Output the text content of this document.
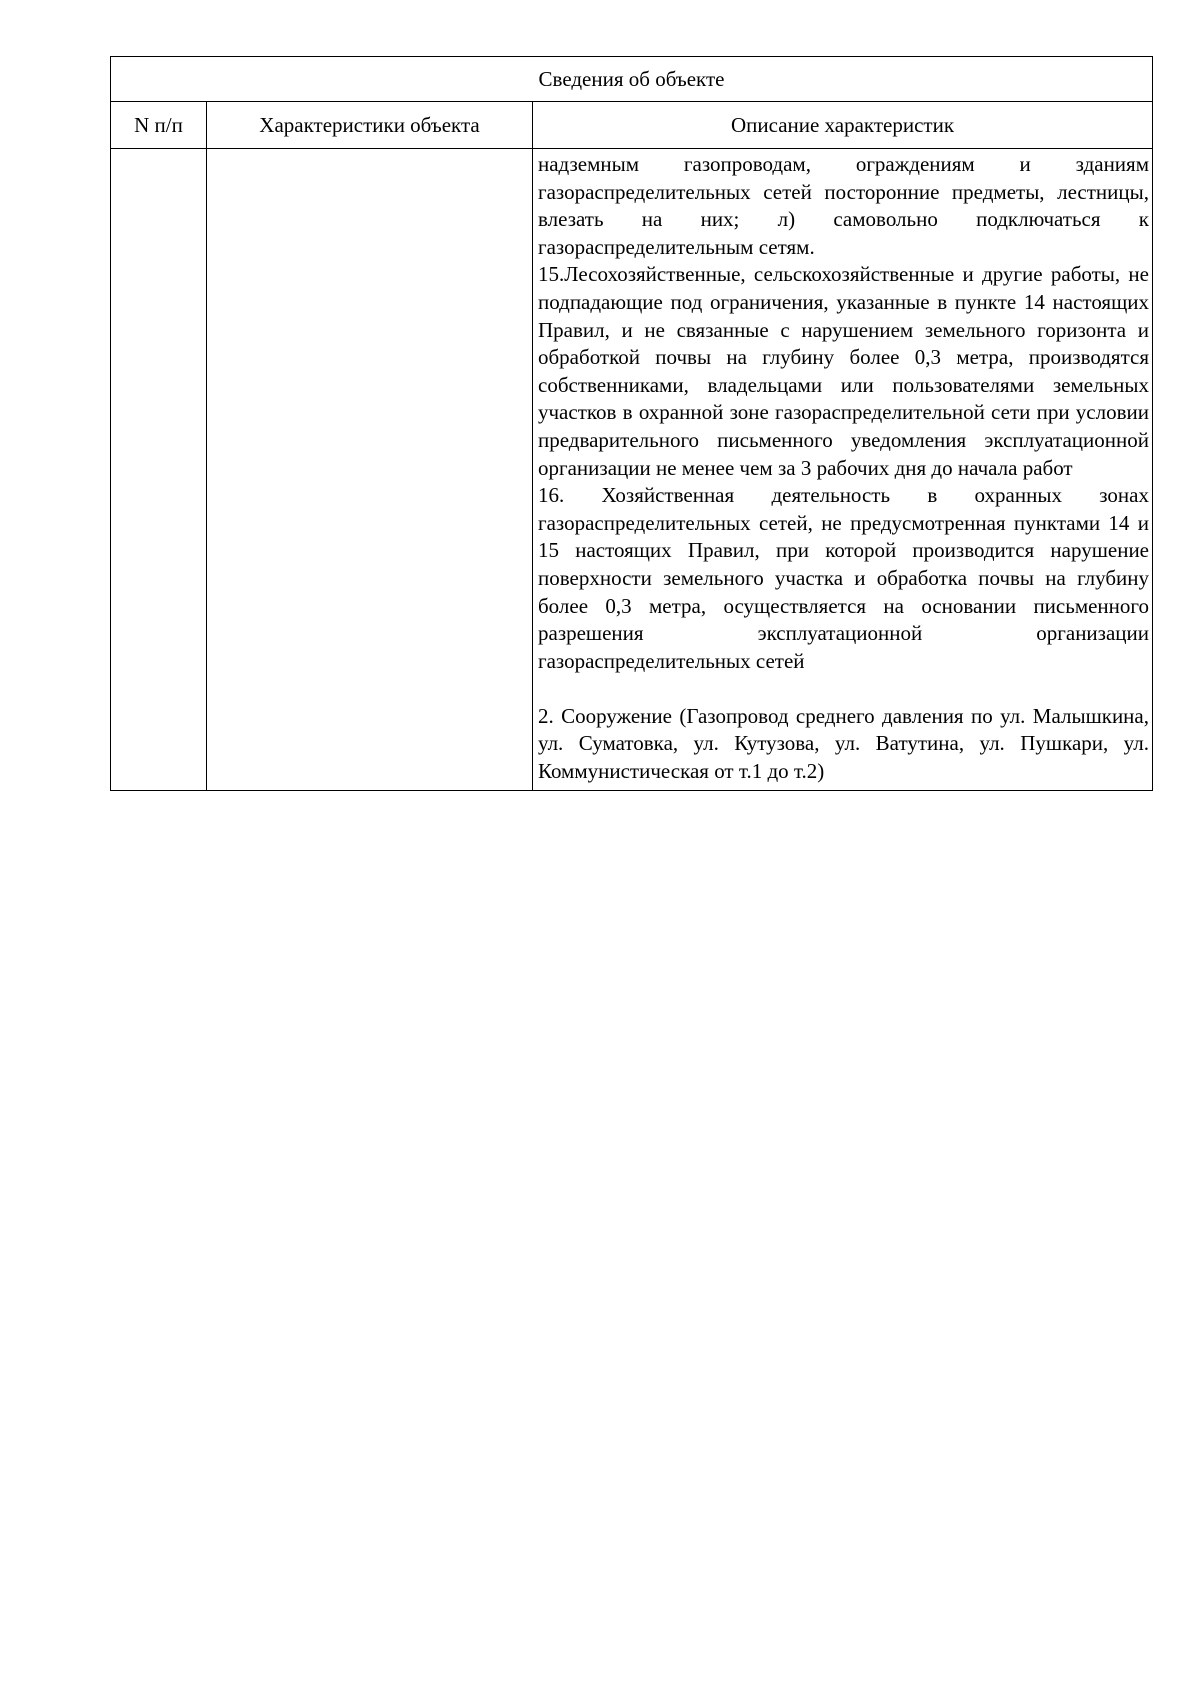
Сведения об объекте		
N п/п	Характеристики объекта	Описание характеристик

		надземным газопроводам, ограждениям и зданиям газораспределительных сетей посторонние предметы, лестницы, влезать на них; л) самовольно подключаться к газораспределительным сетям.

15.Лесохозяйственные, сельскохозяйственные и другие работы, не подпадающие под ограничения, указанные в пункте 14 настоящих Правил, и не связанные с нарушением земельного горизонта и обработкой почвы на глубину более 0,3 метра, производятся собственниками, владельцами или пользователями земельных участков в охранной зоне газораспределительной сети при условии предварительного письменного уведомления эксплуатационной организации не менее чем за 3 рабочих дня до начала работ

16. Хозяйственная деятельность в охранных зонах газораспределительных сетей, не предусмотренная пунктами 14 и 15 настоящих Правил, при которой производится нарушение поверхности земельного участка и обработка почвы на глубину более 0,3 метра, осуществляется на основании письменного разрешения эксплуатационной организации газораспределительных сетей

2. Сооружение (Газопровод среднего давления по ул. Малышкина, ул. Суматовка, ул. Кутузова, ул. Ватутина, ул. Пушкари, ул. Коммунистическая от т.1 до т.2)
